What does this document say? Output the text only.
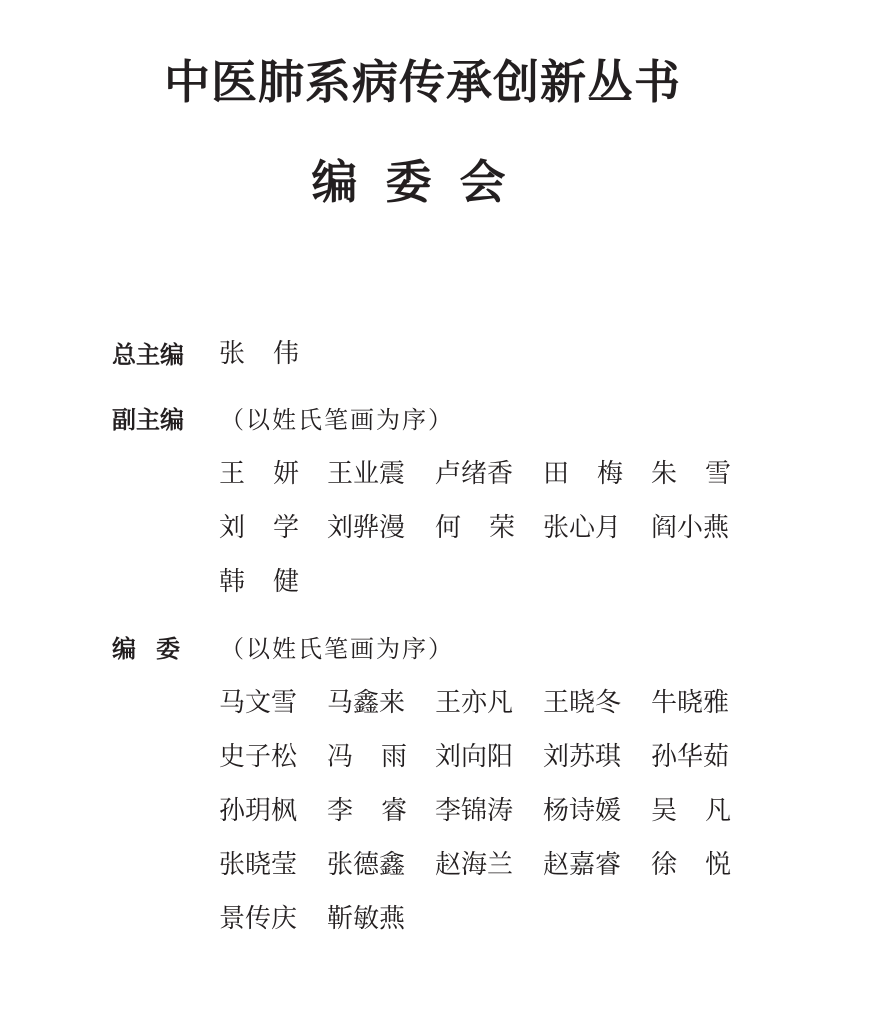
中医肺系病传承创新丛书
编委会
总主编 张 伟
副主编 （以姓氏笔画为序）
王 妍 王业震	卢绪香	田 梅 朱 雪
刘 学 刘骅漫	何 荣 张心月	阎小燕
韩 健
编委 （以姓氏笔画为序）
马文雪	马鑫来	王亦凡	王晓冬	牛晓雅
史子松	冯 雨 刘向阳	刘苏琪	孙华茹
孙玥枫	李 睿 李锦涛	杨诗媛	吴 凡
张晓莹	张德鑫	赵海兰	赵嘉睿	徐 悦
景传庆	靳敏燕
